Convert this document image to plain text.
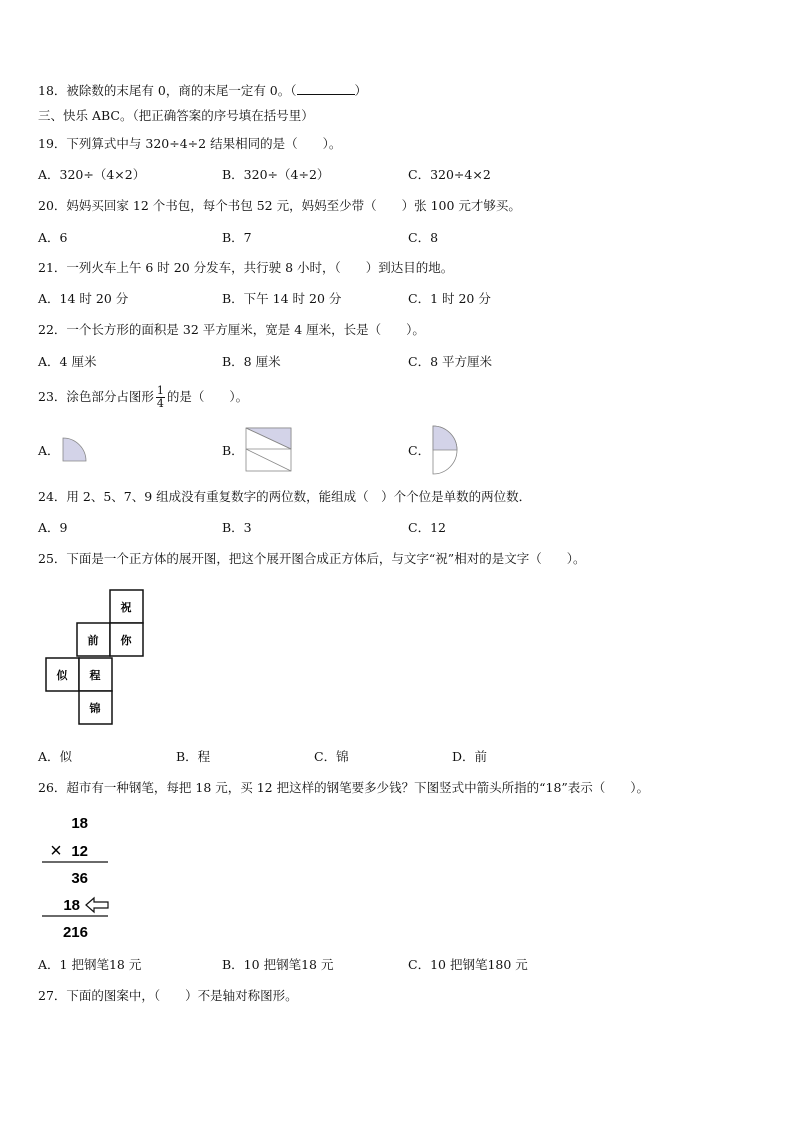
18．被除数的末尾有 0，商的末尾一定有 0。（	）
三、快乐 ABC。（把正确答案的序号填在括号里）
19．下列算式中与 320÷4÷2 结果相同的是（　　）。
A．320÷（4×2）	B．320÷（4÷2）	C．320÷4×2
20．妈妈买回家 12 个书包，每个书包 52 元，妈妈至少带（　　）张 100 元才够买。
A．6	B．7	C．8
21．一列火车上午 6 时 20 分发车，共行驶 8 小时，（　　）到达目的地。
A．14 时 20 分	B．下午 14 时 20 分	C．1 时 20 分
22．一个长方形的面积是 32 平方厘米，宽是 4 厘米，长是（　　）。
A．4 厘米	B．8 厘米	C．8 平方厘米
23．涂色部分占图形 $\frac{1}{4}$ 的是（　　）。
A．	B．	C．
24．用 2、5、7、9 组成没有重复数字的两位数，能组成（　）个个位是单数的两位数．
A．9	B．3	C．12
25．下面是一个正方体的展开图，把这个展开图合成正方体后，与文字“祝”相对的是文字（　　）。
祝
前 你
似 程
锦
A．似	B．程	C．锦	D．前
26．超市有一种钢笔，每把 18 元，买 12 把这样的钢笔要多少钱？下图竖式中箭头所指的“18”表示（　　）。
18
× 12
36
18
216
A．1 把钢笔18 元	B．10 把钢笔18 元	C．10 把钢笔180 元
27．下面的图案中，（　　）不是轴对称图形。
